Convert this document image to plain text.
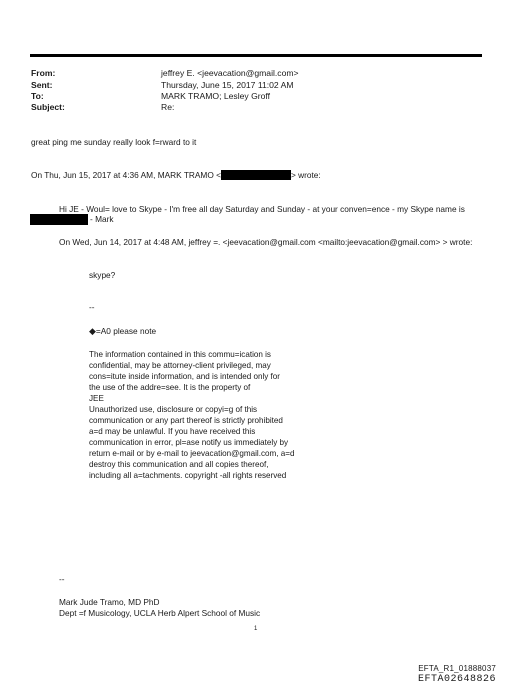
From:	jeffrey E. <jeevacation@gmail.com>
Sent:	Thursday, June 15, 2017 11:02 AM
To:	MARK TRAMO; Lesley Groff
Subject:	Re:
great ping me sunday really look f=rward to it
On Thu, Jun 15, 2017 at 4:36 AM, MARK TRAMO <	> wrote:
Hi JE - Woul= love to Skype - I'm free all day Saturday and Sunday - at your conven=ence - my Skype name is
- Mark
On Wed, Jun 14, 2017 at 4:48 AM, jeffrey =. <jeevacation@gmail.com <mailto:jeevacation@gmail.com> > wrote:
skype?
--
◆=A0 please note

The information contained in this commu=ication is

confidential, may be attorney-client privileged, may

cons=itute inside information, and is intended only for

the use of the addre=see. It is the property of

JEE

Unauthorized use, disclosure or copyi=g of this

communication or any part thereof is strictly prohibited

a=d may be unlawful. If you have received this

communication in error, pl=ase notify us immediately by

return e-mail or by e-mail to jeevacation@gmail.com, a=d

destroy this communication and all copies thereof,

including all a=tachments. copyright -all rights reserved

--
Mark Jude Tramo, MD PhD
Dept =f Musicology, UCLA Herb Alpert School of Music
1
EFTA_R1_01888037
EFTA02648826
